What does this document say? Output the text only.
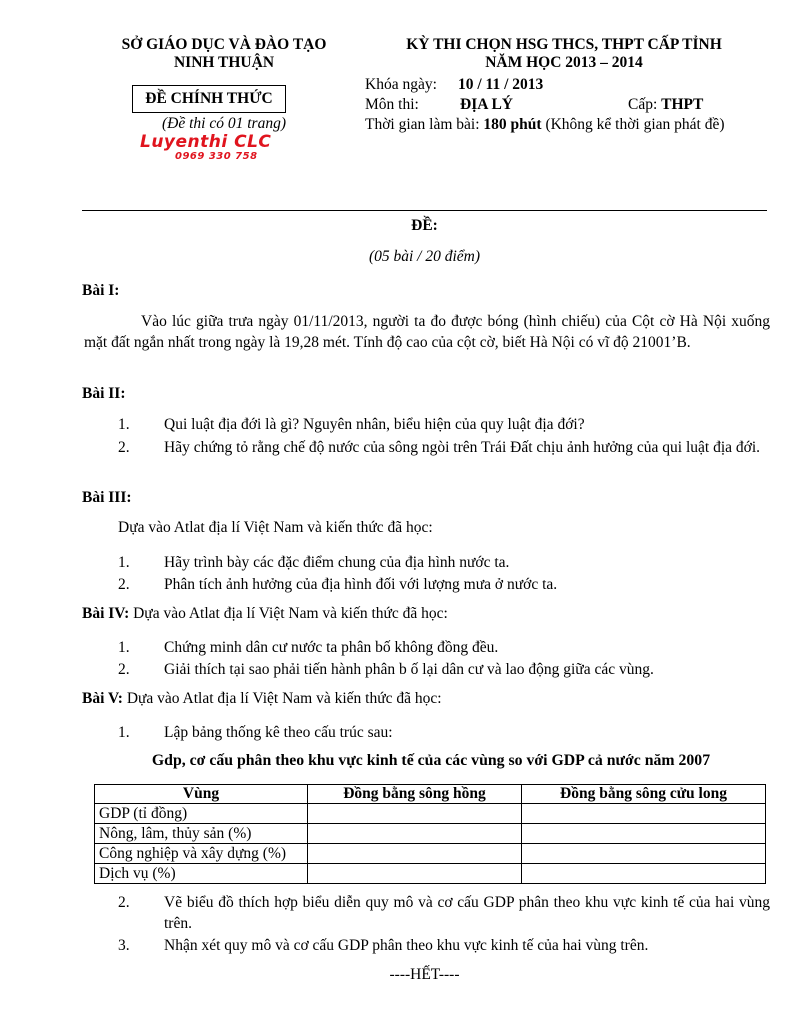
SỞ GIÁO DỤC VÀ ĐÀO TẠO
NINH THUẬN
ĐỀ CHÍNH THỨC
(Đề thi có 01 trang)
Luyenthi CLC
0969 330 758
KỲ THI CHỌN HSG THCS, THPT CẤP TỈNH
NĂM HỌC 2013 – 2014
Khóa ngày: 10 / 11 / 2013
Môn thi:	ĐỊA LÝ	Cấp: THPT
Thời gian làm bài: 180 phút (Không kể thời gian phát đề)
ĐỀ:
(05 bài / 20 điểm)
Bài I:
Vào lúc giữa trưa ngày 01/11/2013, người ta đo được bóng (hình chiếu) của Cột cờ Hà Nội xuống mặt đất ngắn nhất trong ngày là 19,28 mét. Tính độ cao của cột cờ, biết Hà Nội có vĩ độ 21001’B.
Bài II:
1. Qui luật địa đới là gì? Nguyên nhân, biểu hiện của quy luật địa đới?
2. Hãy chứng tỏ rằng chế độ nước của sông ngòi trên Trái Đất chịu ảnh hưởng của qui luật địa đới.
Bài III:
Dựa vào Atlat địa lí Việt Nam và kiến thức đã học:
1. Hãy trình bày các đặc điểm chung của địa hình nước ta.
2. Phân tích ảnh hưởng của địa hình đối với lượng mưa ở nước ta.
Bài IV: Dựa vào Atlat địa lí Việt Nam và kiến thức đã học:
1. Chứng minh dân cư nước ta phân bố không đồng đều.
2. Giải thích tại sao phải tiến hành phân b ố lại dân cư và lao động giữa các vùng.
Bài V: Dựa vào Atlat địa lí Việt Nam và kiến thức đã học:
1. Lập bảng thống kê theo cấu trúc sau:
Gdp, cơ cấu phân theo khu vực kinh tế của các vùng so với GDP cả nước năm 2007
Vùng	Đồng bằng sông hồng	Đồng bằng sông cửu long
GDP (tỉ đồng)		
Nông, lâm, thủy sản (%)		
Công nghiệp và xây dựng (%)		
Dịch vụ (%)		
2. Vẽ biểu đồ thích hợp biểu diễn quy mô và cơ cấu GDP phân theo khu vực kinh tế của hai vùng trên.
3. Nhận xét quy mô và cơ cấu GDP phân theo khu vực kinh tế của hai vùng trên.
----HẾT----
